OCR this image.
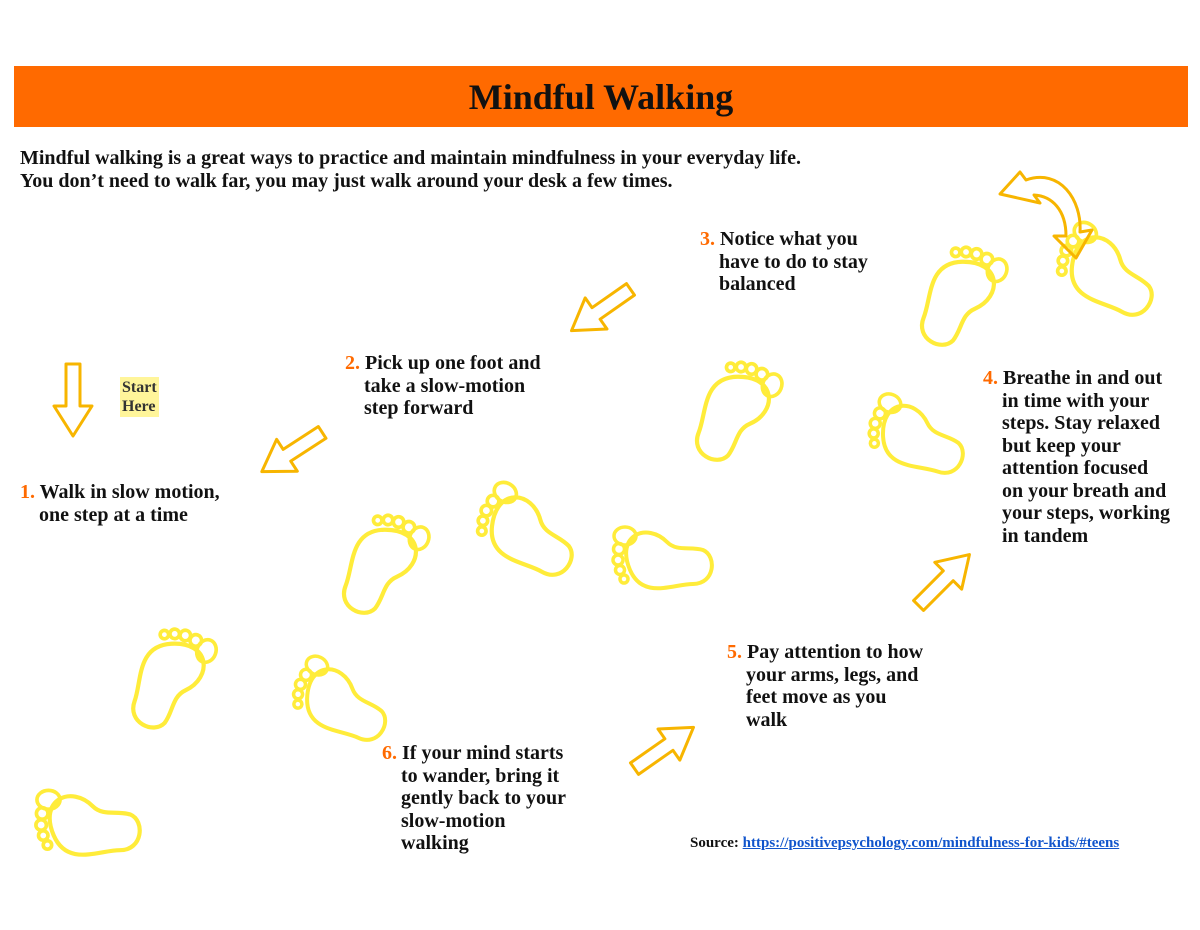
Mindful Walking
Mindful walking is a great ways to practice and maintain mindfulness in your everyday life.
You don’t need to walk far, you may just walk around your desk a few times.
Start
Here
1. Walk in slow motion,
one step at a time
2. Pick up one foot and
take a slow-motion
step forward
3. Notice what you
have to do to stay
balanced
4. Breathe in and out
in time with your
steps. Stay relaxed
but keep your
attention focused
on your breath and
your steps, working
in tandem
5. Pay attention to how
your arms, legs, and
feet move as you
walk
6. If your mind starts
to wander, bring it
gently back to your
slow-motion
walking	Source: https://positivepsychology.com/mindfulness-for-kids/#teens
